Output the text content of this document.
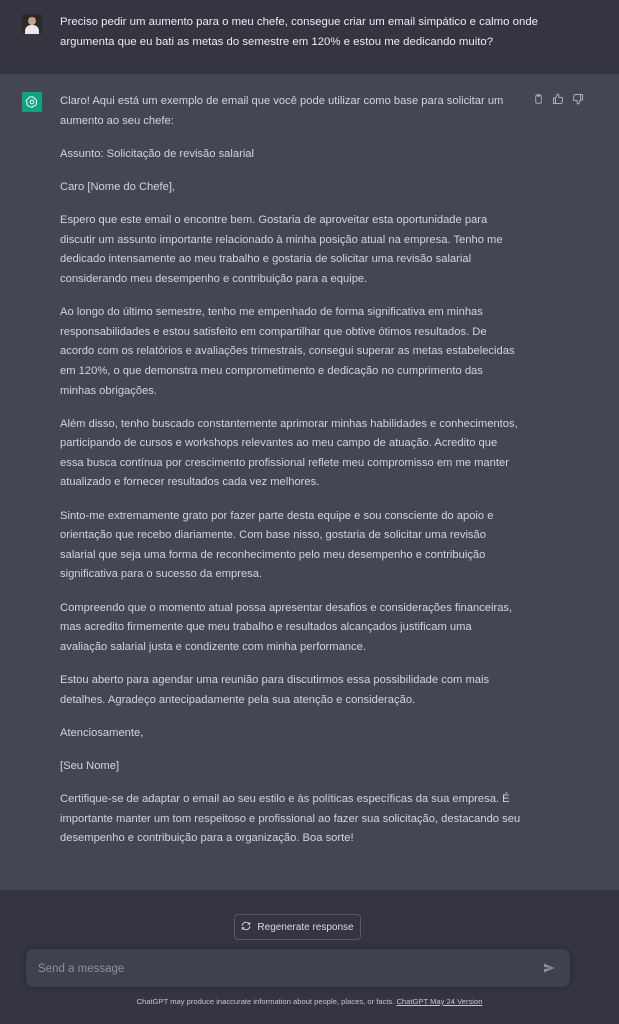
Preciso pedir um aumento para o meu chefe, consegue criar um email simpático e calmo onde argumenta que eu bati as metas do semestre em 120% e estou me dedicando muito?

Claro! Aqui está um exemplo de email que você pode utilizar como base para solicitar um aumento ao seu chefe:

Assunto: Solicitação de revisão salarial

Caro [Nome do Chefe],

Espero que este email o encontre bem. Gostaria de aproveitar esta oportunidade para discutir um assunto importante relacionado à minha posição atual na empresa. Tenho me dedicado intensamente ao meu trabalho e gostaria de solicitar uma revisão salarial considerando meu desempenho e contribuição para a equipe.

Ao longo do último semestre, tenho me empenhado de forma significativa em minhas responsabilidades e estou satisfeito em compartilhar que obtive ótimos resultados. De acordo com os relatórios e avaliações trimestrais, consegui superar as metas estabelecidas em 120%, o que demonstra meu comprometimento e dedicação no cumprimento das minhas obrigações.

Além disso, tenho buscado constantemente aprimorar minhas habilidades e conhecimentos, participando de cursos e workshops relevantes ao meu campo de atuação. Acredito que essa busca contínua por crescimento profissional reflete meu compromisso em me manter atualizado e fornecer resultados cada vez melhores.

Sinto-me extremamente grato por fazer parte desta equipe e sou consciente do apoio e orientação que recebo diariamente. Com base nisso, gostaria de solicitar uma revisão salarial que seja uma forma de reconhecimento pelo meu desempenho e contribuição significativa para o sucesso da empresa.

Compreendo que o momento atual possa apresentar desafios e considerações financeiras, mas acredito firmemente que meu trabalho e resultados alcançados justificam uma avaliação salarial justa e condizente com minha performance.

Estou aberto para agendar uma reunião para discutirmos essa possibilidade com mais detalhes. Agradeço antecipadamente pela sua atenção e consideração.

Atenciosamente,

[Seu Nome]

Certifique-se de adaptar o email ao seu estilo e às políticas específicas da sua empresa. É importante manter um tom respeitoso e profissional ao fazer sua solicitação, destacando seu desempenho e contribuição para a organização. Boa sorte!

Regenerate response
Send a message
ChatGPT may produce inaccurate information about people, places, or facts. ChatGPT May 24 Version
